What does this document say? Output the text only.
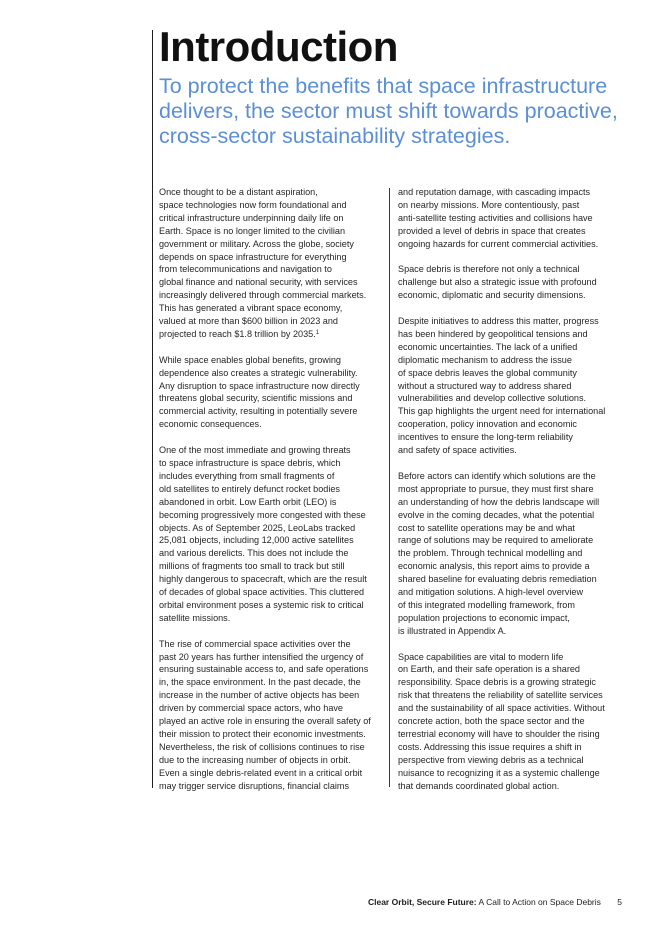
Introduction
To protect the benefits that space infrastructure
delivers, the sector must shift towards proactive,
cross-sector sustainability strategies.

Once thought to be a distant aspiration,
space technologies now form foundational and
critical infrastructure underpinning daily life on
Earth. Space is no longer limited to the civilian
government or military. Across the globe, society
depends on space infrastructure for everything
from telecommunications and navigation to
global finance and national security, with services
increasingly delivered through commercial markets.
This has generated a vibrant space economy,
valued at more than $600 billion in 2023 and
projected to reach $1.8 trillion by 2035.$^1$

While space enables global benefits, growing
dependence also creates a strategic vulnerability.
Any disruption to space infrastructure now directly
threatens global security, scientific missions and
commercial activity, resulting in potentially severe
economic consequences.

One of the most immediate and growing threats
to space infrastructure is space debris, which
includes everything from small fragments of
old satellites to entirely defunct rocket bodies
abandoned in orbit. Low Earth orbit (LEO) is
becoming progressively more congested with these
objects. As of September 2025, LeoLabs tracked
25,081 objects, including 12,000 active satellites
and various derelicts. This does not include the
millions of fragments too small to track but still
highly dangerous to spacecraft, which are the result
of decades of global space activities. This cluttered
orbital environment poses a systemic risk to critical
satellite missions.

The rise of commercial space activities over the
past 20 years has further intensified the urgency of
ensuring sustainable access to, and safe operations
in, the space environment. In the past decade, the
increase in the number of active objects has been
driven by commercial space actors, who have
played an active role in ensuring the overall safety of
their mission to protect their economic investments.
Nevertheless, the risk of collisions continues to rise
due to the increasing number of objects in orbit.
Even a single debris-related event in a critical orbit
may trigger service disruptions, financial claims

and reputation damage, with cascading impacts
on nearby missions. More contentiously, past
anti-satellite testing activities and collisions have
provided a level of debris in space that creates
ongoing hazards for current commercial activities.

Space debris is therefore not only a technical
challenge but also a strategic issue with profound
economic, diplomatic and security dimensions.

Despite initiatives to address this matter, progress
has been hindered by geopolitical tensions and
economic uncertainties. The lack of a unified
diplomatic mechanism to address the issue
of space debris leaves the global community
without a structured way to address shared
vulnerabilities and develop collective solutions.
This gap highlights the urgent need for international
cooperation, policy innovation and economic
incentives to ensure the long-term reliability
and safety of space activities.

Before actors can identify which solutions are the
most appropriate to pursue, they must first share
an understanding of how the debris landscape will
evolve in the coming decades, what the potential
cost to satellite operations may be and what
range of solutions may be required to ameliorate
the problem. Through technical modelling and
economic analysis, this report aims to provide a
shared baseline for evaluating debris remediation
and mitigation solutions. A high-level overview
of this integrated modelling framework, from
population projections to economic impact,
is illustrated in Appendix A.

Space capabilities are vital to modern life
on Earth, and their safe operation is a shared
responsibility. Space debris is a growing strategic
risk that threatens the reliability of satellite services
and the sustainability of all space activities. Without
concrete action, both the space sector and the
terrestrial economy will have to shoulder the rising
costs. Addressing this issue requires a shift in
perspective from viewing debris as a technical
nuisance to recognizing it as a systemic challenge
that demands coordinated global action.

Clear Orbit, Secure Future: A Call to Action on Space Debris 5
